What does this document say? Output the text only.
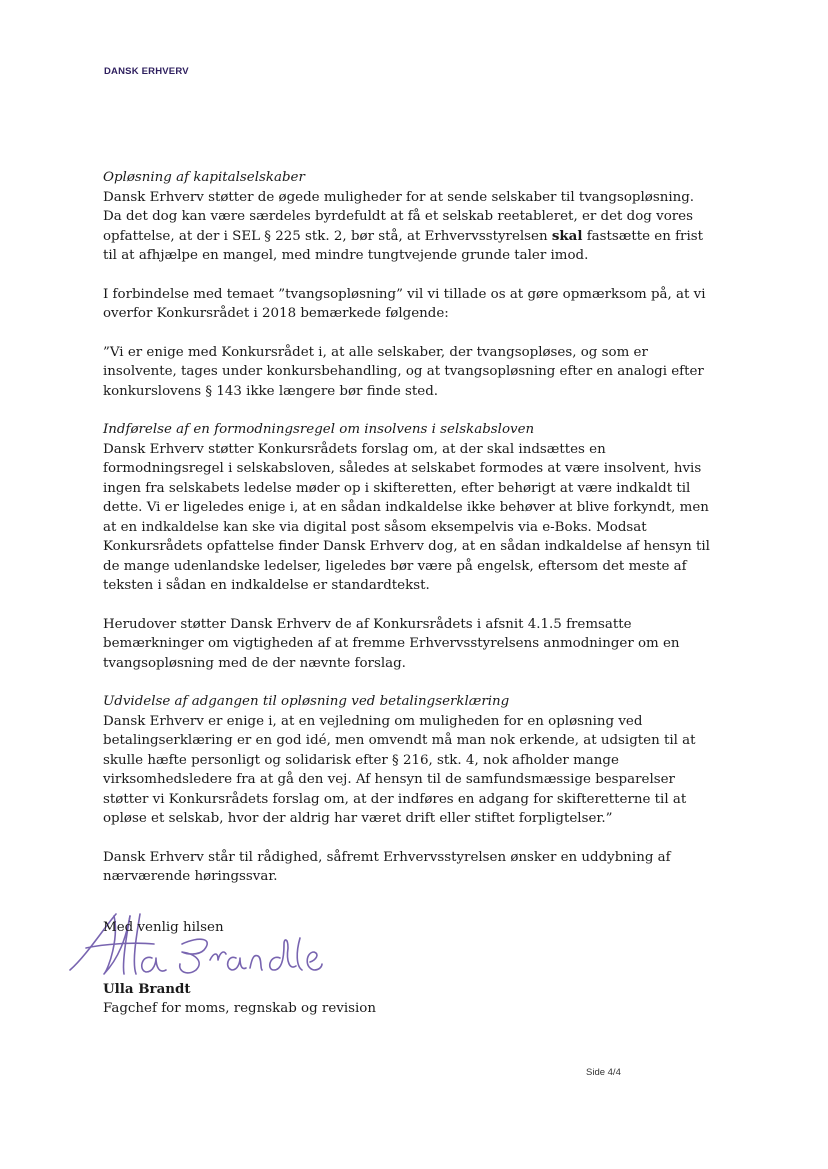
DANSK ERHVERV

Opløsning af kapitalselskaber

Dansk Erhverv støtter de øgede muligheder for at sende selskaber til tvangsopløsning. Da det dog kan være særdeles byrdefuldt at få et selskab reetableret, er det dog vores opfattelse, at der i SEL § 225 stk. 2, bør stå, at Erhvervsstyrelsen skal fastsætte en frist til at afhjælpe en mangel, med mindre tungtvejende grunde taler imod.

I forbindelse med temaet ”tvangsopløsning” vil vi tillade os at gøre opmærksom på, at vi overfor Konkursrådet i 2018 bemærkede følgende:

”Vi er enige med Konkursrådet i, at alle selskaber, der tvangsopløses, og som er insolvente, tages under konkursbehandling, og at tvangsopløsning efter en analogi efter konkurslovens § 143 ikke længere bør finde sted.

Indførelse af en formodningsregel om insolvens i selskabsloven

Dansk Erhverv støtter Konkursrådets forslag om, at der skal indsættes en formodningsregel i selskabsloven, således at selskabet formodes at være insolvent, hvis ingen fra selskabets ledelse møder op i skifteretten, efter behørigt at være indkaldt til dette. Vi er ligeledes enige i, at en sådan indkaldelse ikke behøver at blive forkyndt, men at en indkaldelse kan ske via digital post såsom eksempelvis via e-Boks. Modsat Konkursrådets opfattelse finder Dansk Erhverv dog, at en sådan indkaldelse af hensyn til de mange udenlandske ledelser, ligeledes bør være på engelsk, eftersom det meste af teksten i sådan en indkaldelse er standardtekst.

Herudover støtter Dansk Erhverv de af Konkursrådets i afsnit 4.1.5 fremsatte bemærkninger om vigtigheden af at fremme Erhvervsstyrelsens anmodninger om en tvangsopløsning med de der nævnte forslag.

Udvidelse af adgangen til opløsning ved betalingserklæring

Dansk Erhverv er enige i, at en vejledning om muligheden for en opløsning ved betalingserklæring er en god idé, men omvendt må man nok erkende, at udsigten til at skulle hæfte personligt og solidarisk efter § 216, stk. 4, nok afholder mange virksomhedsledere fra at gå den vej. Af hensyn til de samfundsmæssige besparelser støtter vi Konkursrådets forslag om, at der indføres en adgang for skifteretterne til at opløse et selskab, hvor der aldrig har været drift eller stiftet forpligtelser.”

Dansk Erhverv står til rådighed, såfremt Erhvervsstyrelsen ønsker en uddybning af nærværende høringssvar.

Med venlig hilsen
Ulla Brandt
Fagchef for moms, regnskab og revision
Side 4/4
